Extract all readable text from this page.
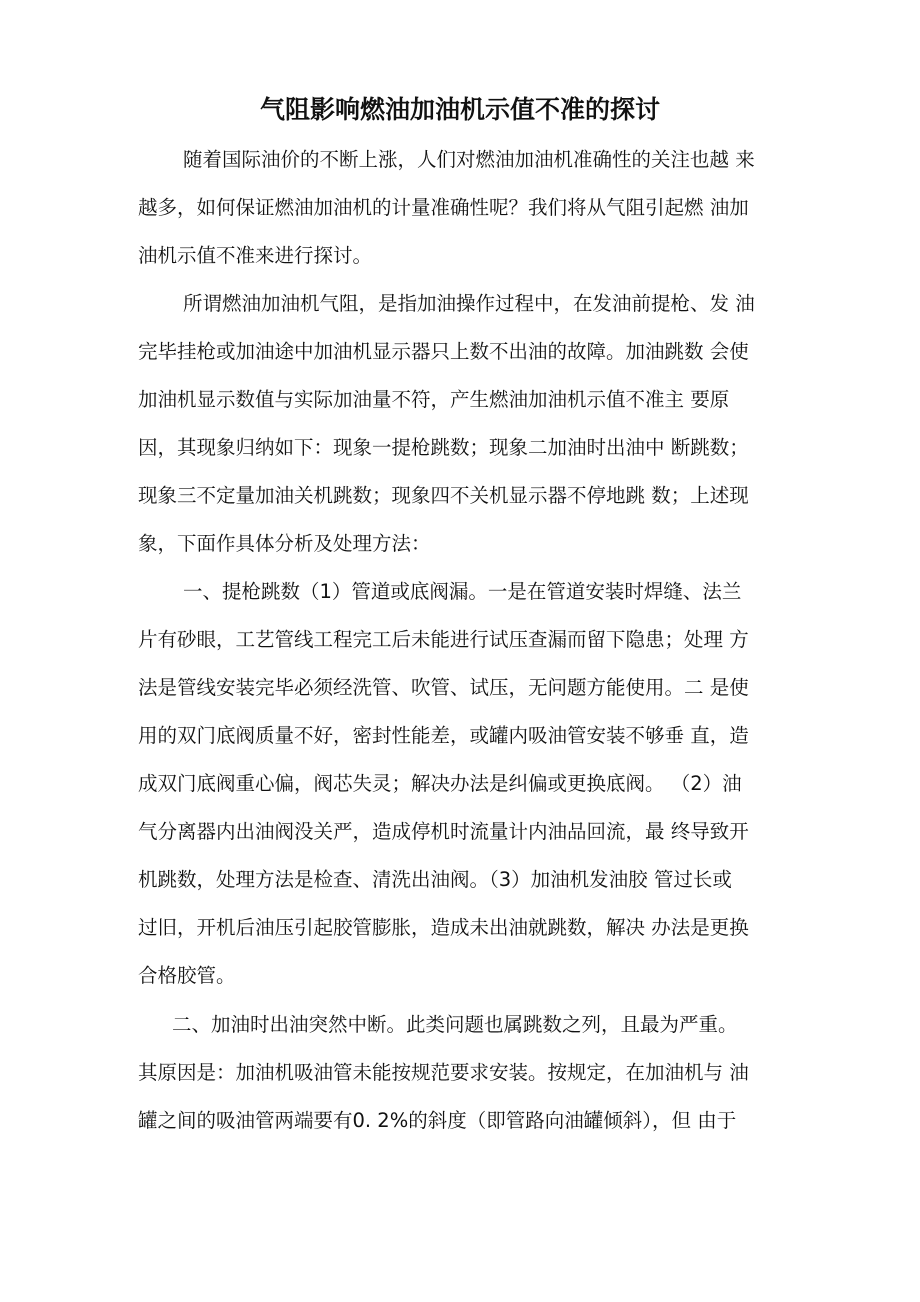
气阻影响燃油加油机示值不准的探讨
随着国际油价的不断上涨，人们对燃油加油机准确性的关注也越 来
越多，如何保证燃油加油机的计量准确性呢？我们将从气阻引起燃 油加
油机示值不准来进行探讨。
所谓燃油加油机气阻，是指加油操作过程中，在发油前提枪、发 油
完毕挂枪或加油途中加油机显示器只上数不出油的故障。加油跳数 会使
加油机显示数值与实际加油量不符，产生燃油加油机示值不准主 要原
因，其现象归纳如下：现象一提枪跳数；现象二加油时出油中 断跳数；
现象三不定量加油关机跳数；现象四不关机显示器不停地跳 数；上述现
象，下面作具体分析及处理方法：
一、提枪跳数（1）管道或底阀漏。一是在管道安装时焊缝、法兰
片有砂眼，工艺管线工程完工后未能进行试压查漏而留下隐患；处理 方
法是管线安装完毕必须经洗管、吹管、试压，无问题方能使用。二 是使
用的双门底阀质量不好，密封性能差，或罐内吸油管安装不够垂 直，造
成双门底阀重心偏，阀芯失灵；解决办法是纠偏或更换底阀。 （2）油
气分离器内出油阀没关严，造成停机时流量计内油品回流，最 终导致开
机跳数，处理方法是检查、清洗出油阀。（3）加油机发油胶 管过长或
过旧，开机后油压引起胶管膨胀，造成未出油就跳数，解决 办法是更换
合格胶管。
二、加油时出油突然中断。此类问题也属跳数之列，且最为严重。
其原因是：加油机吸油管未能按规范要求安装。按规定，在加油机与 油
罐之间的吸油管两端要有0. 2%的斜度（即管路向油罐倾斜），但 由于
